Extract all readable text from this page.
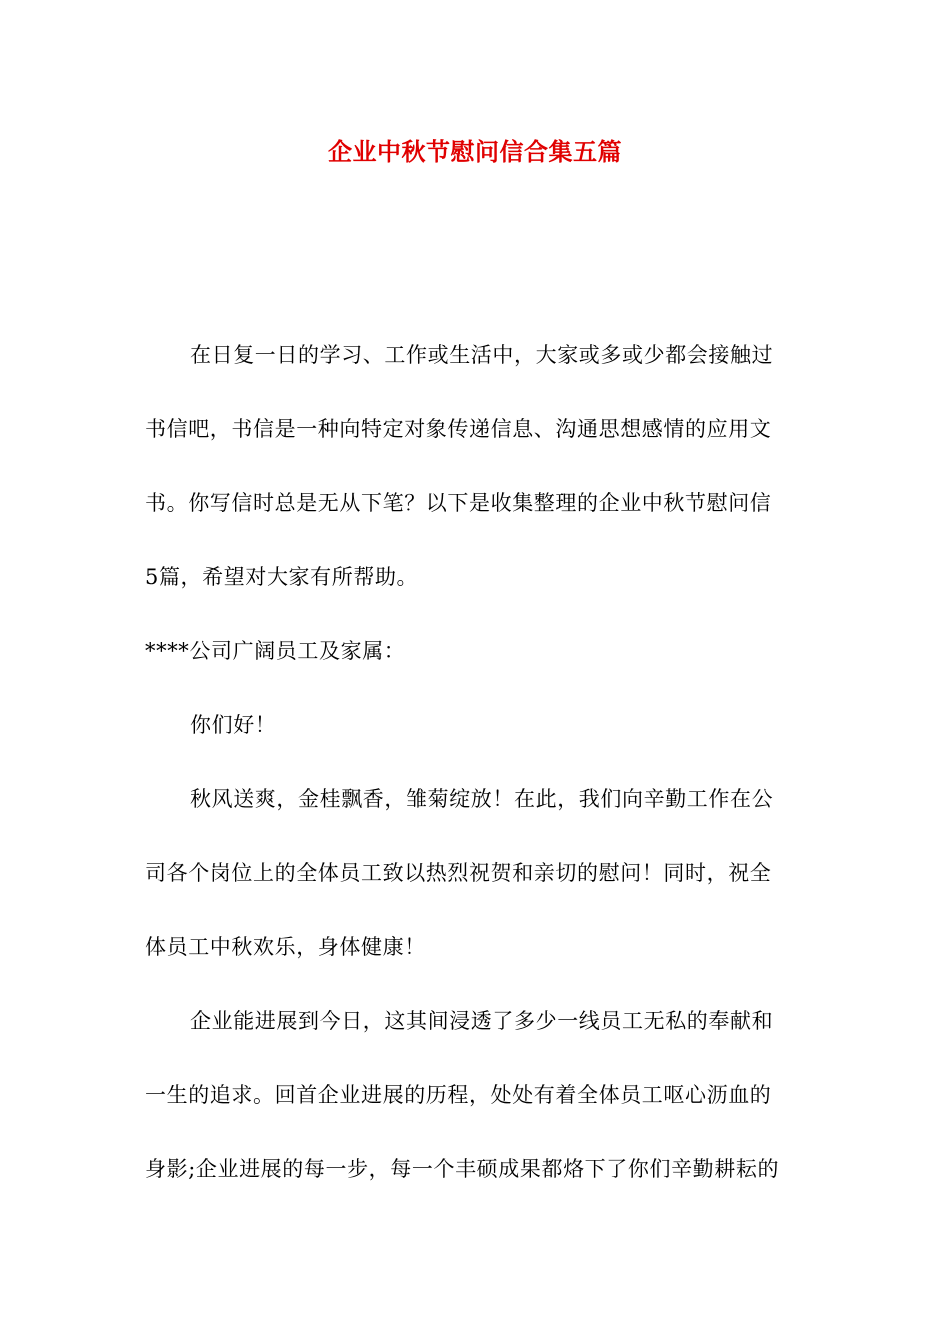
企业中秋节慰问信合集五篇
在日复一日的学习、工作或生活中，大家或多或少都会接触过
书信吧，书信是一种向特定对象传递信息、沟通思想感情的应用文
书。你写信时总是无从下笔？以下是收集整理的企业中秋节慰问信
5篇，希望对大家有所帮助。
****公司广阔员工及家属：
你们好！
秋风送爽，金桂飘香，雏菊绽放！在此，我们向辛勤工作在公
司各个岗位上的全体员工致以热烈祝贺和亲切的慰问！同时，祝全
体员工中秋欢乐，身体健康！
企业能进展到今日，这其间浸透了多少一线员工无私的奉献和
一生的追求。回首企业进展的历程，处处有着全体员工呕心沥血的
身影;企业进展的每一步，每一个丰硕成果都烙下了你们辛勤耕耘的
